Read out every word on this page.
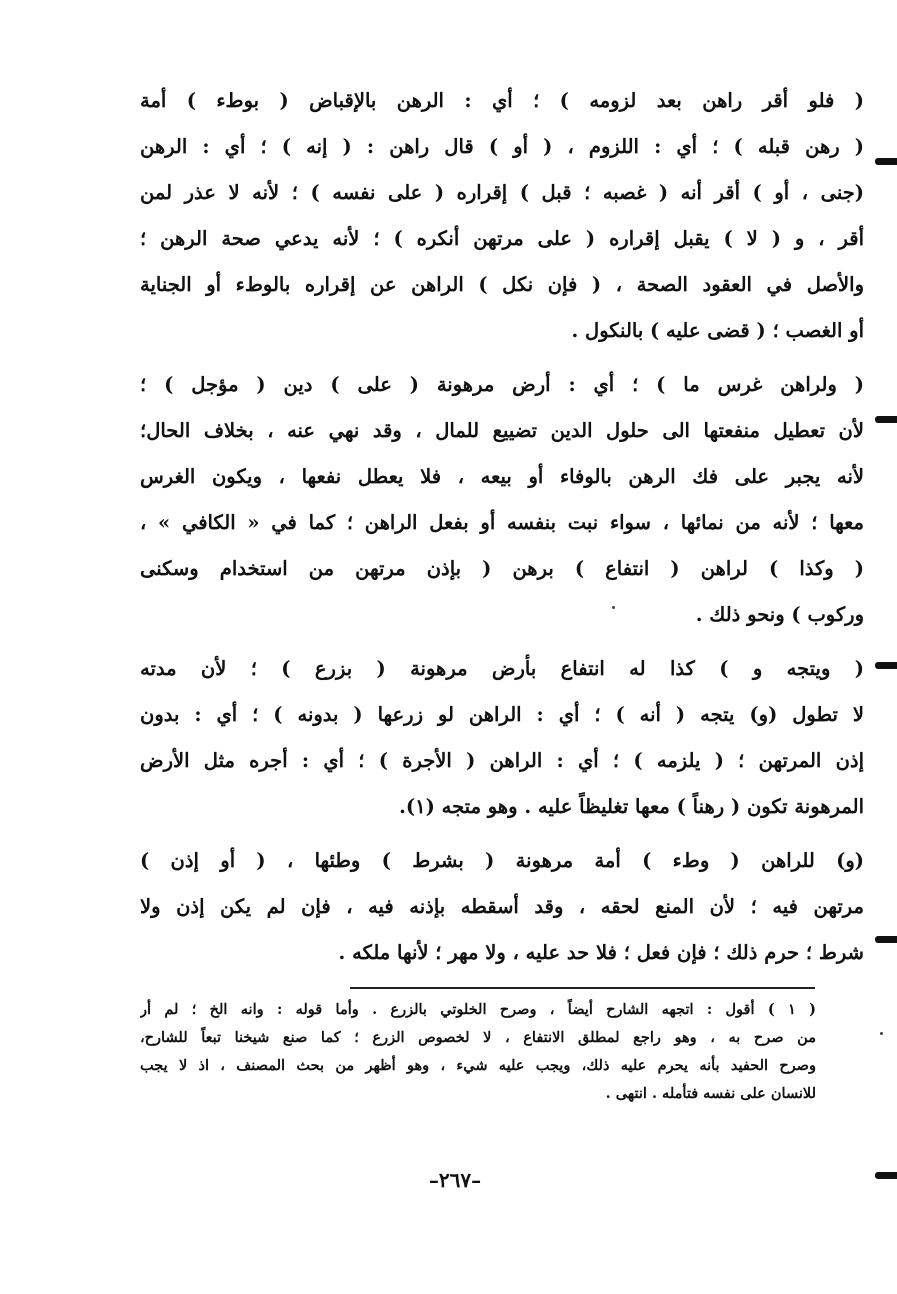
( فلو أقر راهن بعد لزومه ) ؛ أي : الرهن بالإقباض ( بوطء ) أمة
( رهن قبله ) ؛ أي : اللزوم ، ( أو ) قال راهن : ( إنه ) ؛ أي : الرهن
(جنى ، أو ) أقر أنه ( غصبه ؛ قبل ) إقراره ( على نفسه ) ؛ لأنه لا عذر لمن
أقر ، و ( لا ) يقبل إقراره ( على مرتهن أنكره ) ؛ لأنه يدعي صحة الرهن ؛
والأصل في العقود الصحة ، ( فإن نكل ) الراهن عن إقراره بالوطء أو الجناية
أو الغصب ؛ ( قضى عليه ) بالنكول .
( ولراهن غرس ما ) ؛ أي : أرض مرهونة ( على ) دين ( مؤجل ) ؛
لأن تعطيل منفعتها الى حلول الدين تضييع للمال ، وقد نهي عنه ، بخلاف الحال؛
لأنه يجبر على فك الرهن بالوفاء أو بيعه ، فلا يعطل نفعها ، ويكون الغرس
معها ؛ لأنه من نمائها ، سواء نبت بنفسه أو بفعل الراهن ؛ كما في « الكافي » ،
( وكذا ) لراهن ( انتفاع ) برهن ( بإذن مرتهن من استخدام وسكنى
وركوب ) ونحو ذلك .
( ويتجه و ) كذا له انتفاع بأرض مرهونة ( بزرع ) ؛ لأن مدته
لا تطول (و) يتجه ( أنه ) ؛ أي : الراهن لو زرعها ( بدونه ) ؛ أي : بدون
إذن المرتهن ؛ ( يلزمه ) ؛ أي : الراهن ( الأجرة ) ؛ أي : أجره مثل الأرض
المرهونة تكون ( رهناً ) معها تغليظاً عليه . وهو متجه (١).
(و) للراهن ( وطء ) أمة مرهونة ( بشرط ) وطئها ، ( أو إذن )
مرتهن فيه ؛ لأن المنع لحقه ، وقد أسقطه بإذنه فيه ، فإن لم يكن إذن ولا
شرط ؛ حرم ذلك ؛ فإن فعل ؛ فلا حد عليه ، ولا مهر ؛ لأنها ملكه .
( ١ ) أقول : اتجهه الشارح أيضاً ، وصرح الخلوتي بالزرع . وأما قوله : وانه الخ ؛ لم أر
من صرح به ، وهو راجع لمطلق الانتفاع ، لا لخصوص الزرع ؛ كما صنع شيخنا تبعاً للشارح،
وصرح الحفيد بأنه يحرم عليه ذلك، ويجب عليه شيء ، وهو أظهر من بحث المصنف ، اذ لا يجب
للانسان على نفسه فتأمله . انتهى .
–٢٦٧–
